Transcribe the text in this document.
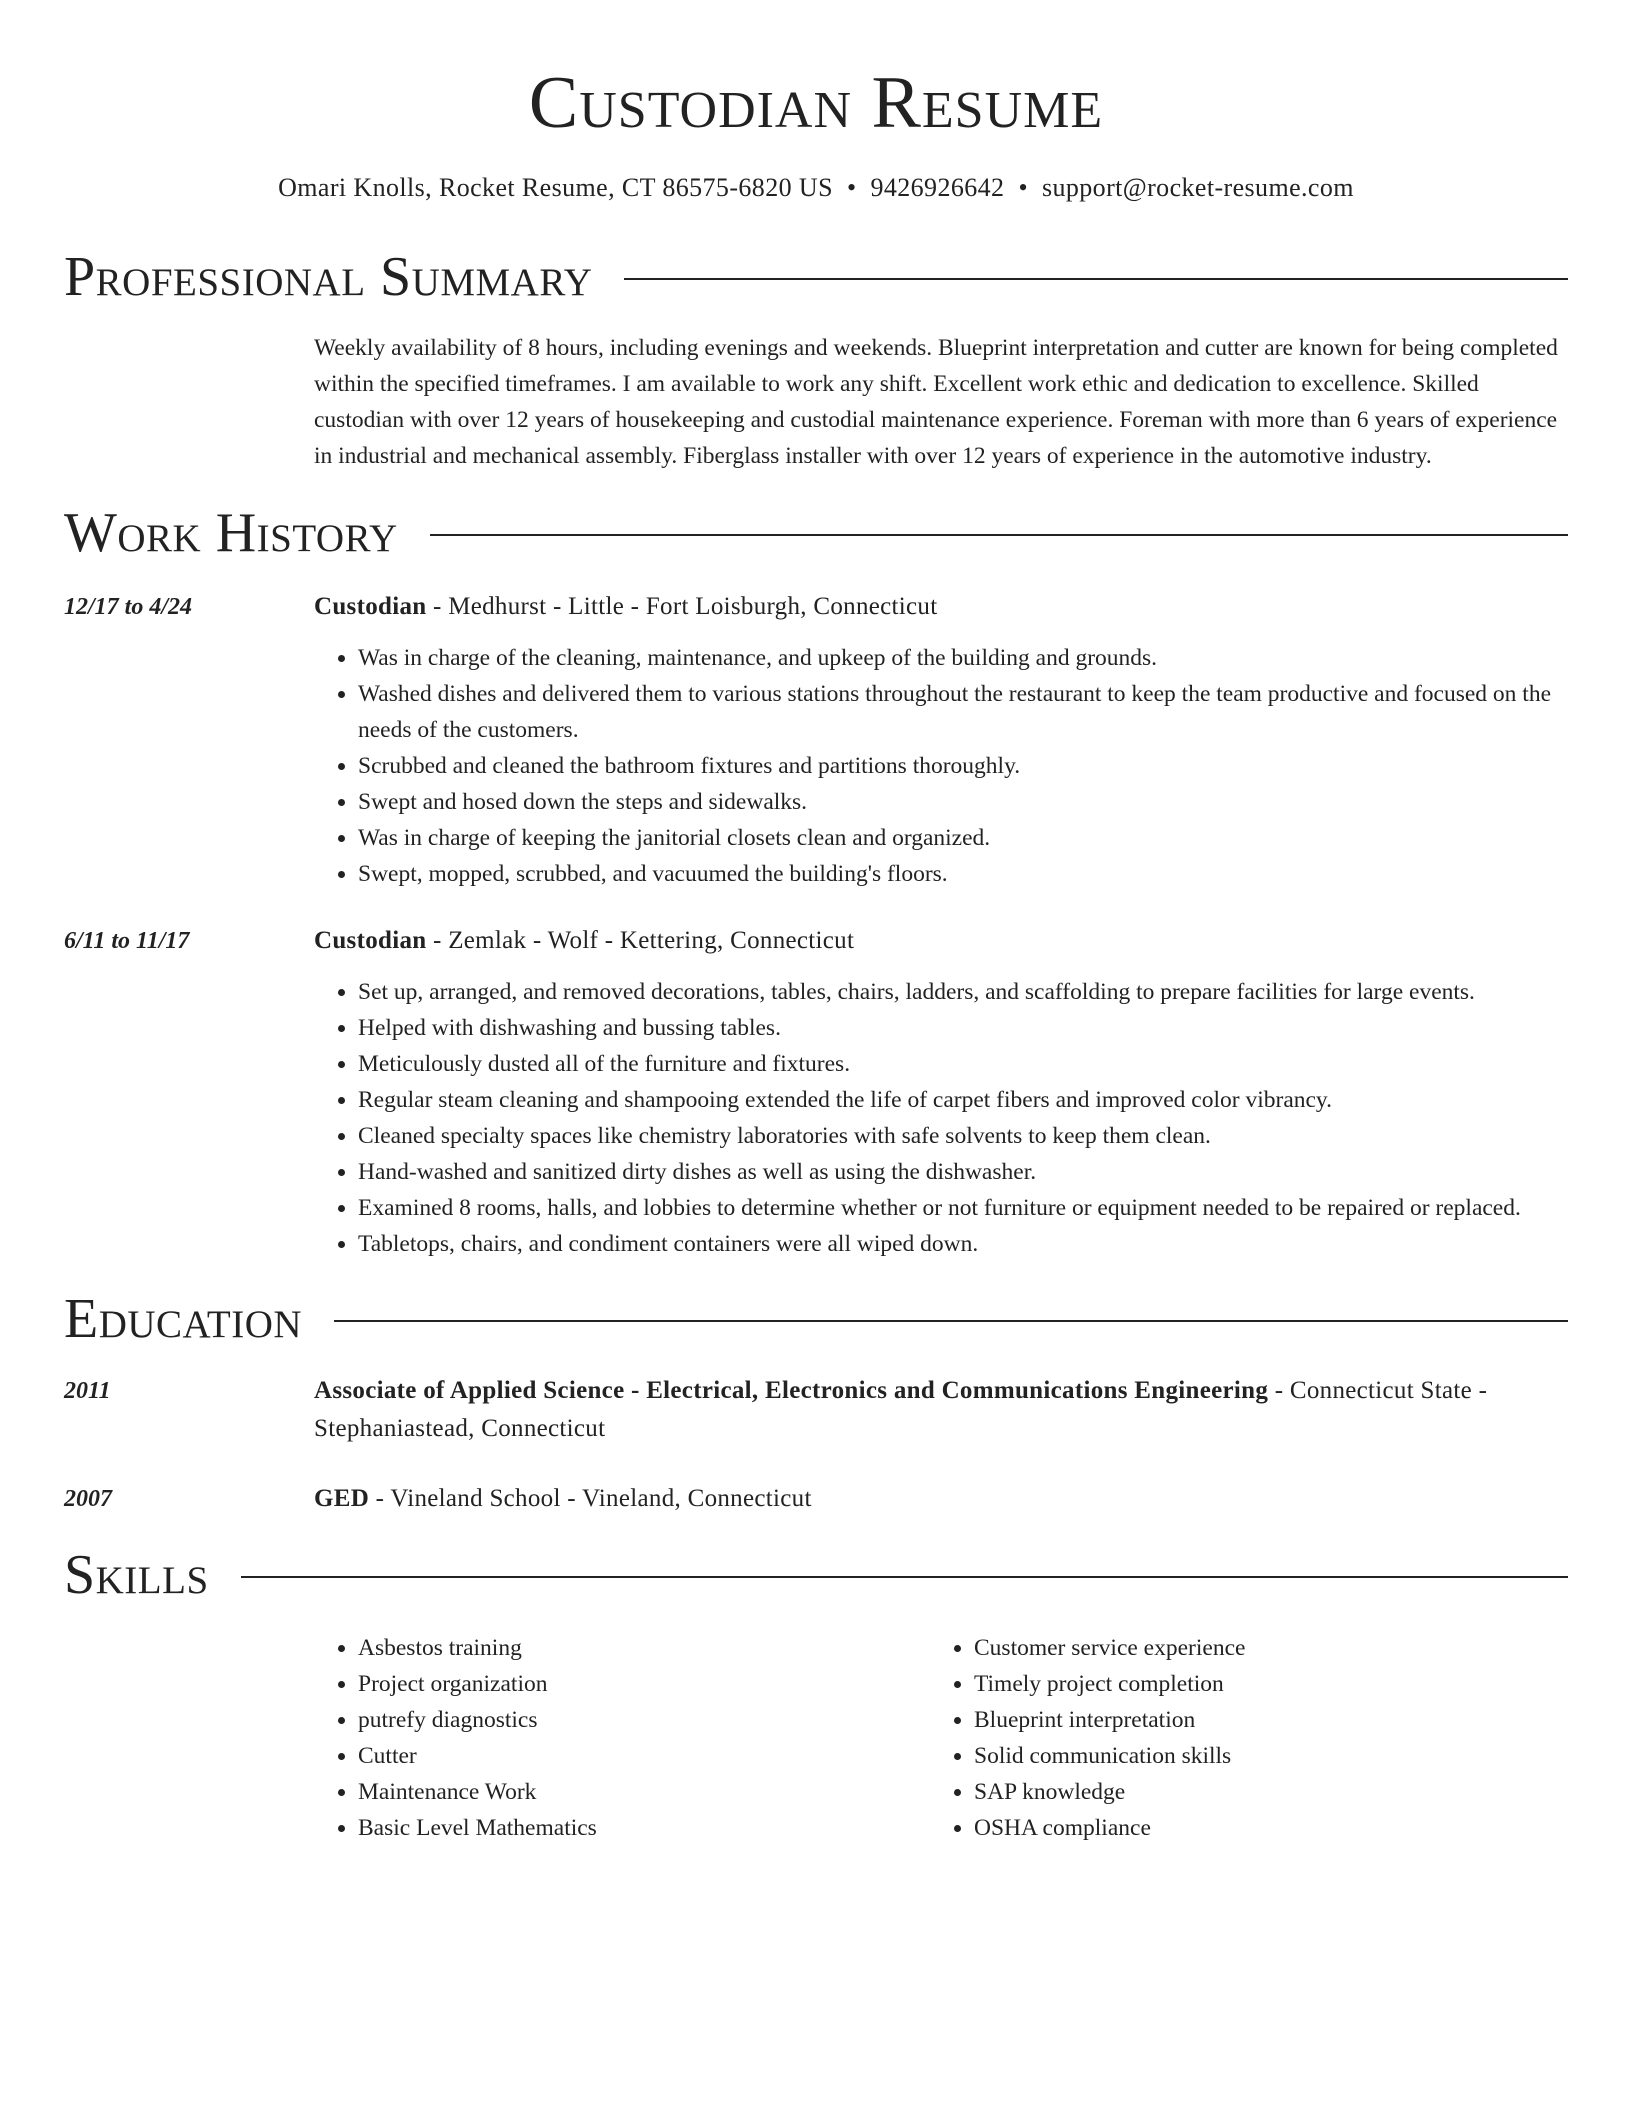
Custodian Resume
Omari Knolls, Rocket Resume, CT 86575-6820 US • 9426926642 • support@rocket-resume.com
Professional Summary
Weekly availability of 8 hours, including evenings and weekends. Blueprint interpretation and cutter are known for being completed within the specified timeframes. I am available to work any shift. Excellent work ethic and dedication to excellence. Skilled custodian with over 12 years of housekeeping and custodial maintenance experience. Foreman with more than 6 years of experience in industrial and mechanical assembly. Fiberglass installer with over 12 years of experience in the automotive industry.
Work History
12/17 to 4/24	Custodian - Medhurst - Little - Fort Loisburgh, Connecticut
• Was in charge of the cleaning, maintenance, and upkeep of the building and grounds.
• Washed dishes and delivered them to various stations throughout the restaurant to keep the team productive and focused on the needs of the customers.
• Scrubbed and cleaned the bathroom fixtures and partitions thoroughly.
• Swept and hosed down the steps and sidewalks.
• Was in charge of keeping the janitorial closets clean and organized.
• Swept, mopped, scrubbed, and vacuumed the building's floors.
6/11 to 11/17	Custodian - Zemlak - Wolf - Kettering, Connecticut
• Set up, arranged, and removed decorations, tables, chairs, ladders, and scaffolding to prepare facilities for large events.
• Helped with dishwashing and bussing tables.
• Meticulously dusted all of the furniture and fixtures.
• Regular steam cleaning and shampooing extended the life of carpet fibers and improved color vibrancy.
• Cleaned specialty spaces like chemistry laboratories with safe solvents to keep them clean.
• Hand-washed and sanitized dirty dishes as well as using the dishwasher.
• Examined 8 rooms, halls, and lobbies to determine whether or not furniture or equipment needed to be repaired or replaced.
• Tabletops, chairs, and condiment containers were all wiped down.
Education
2011	Associate of Applied Science - Electrical, Electronics and Communications Engineering - Connecticut State - Stephaniastead, Connecticut
2007	GED - Vineland School - Vineland, Connecticut
Skills
• Asbestos training
• Project organization
• putrefy diagnostics
• Cutter
• Maintenance Work
• Basic Level Mathematics
• Customer service experience
• Timely project completion
• Blueprint interpretation
• Solid communication skills
• SAP knowledge
• OSHA compliance
